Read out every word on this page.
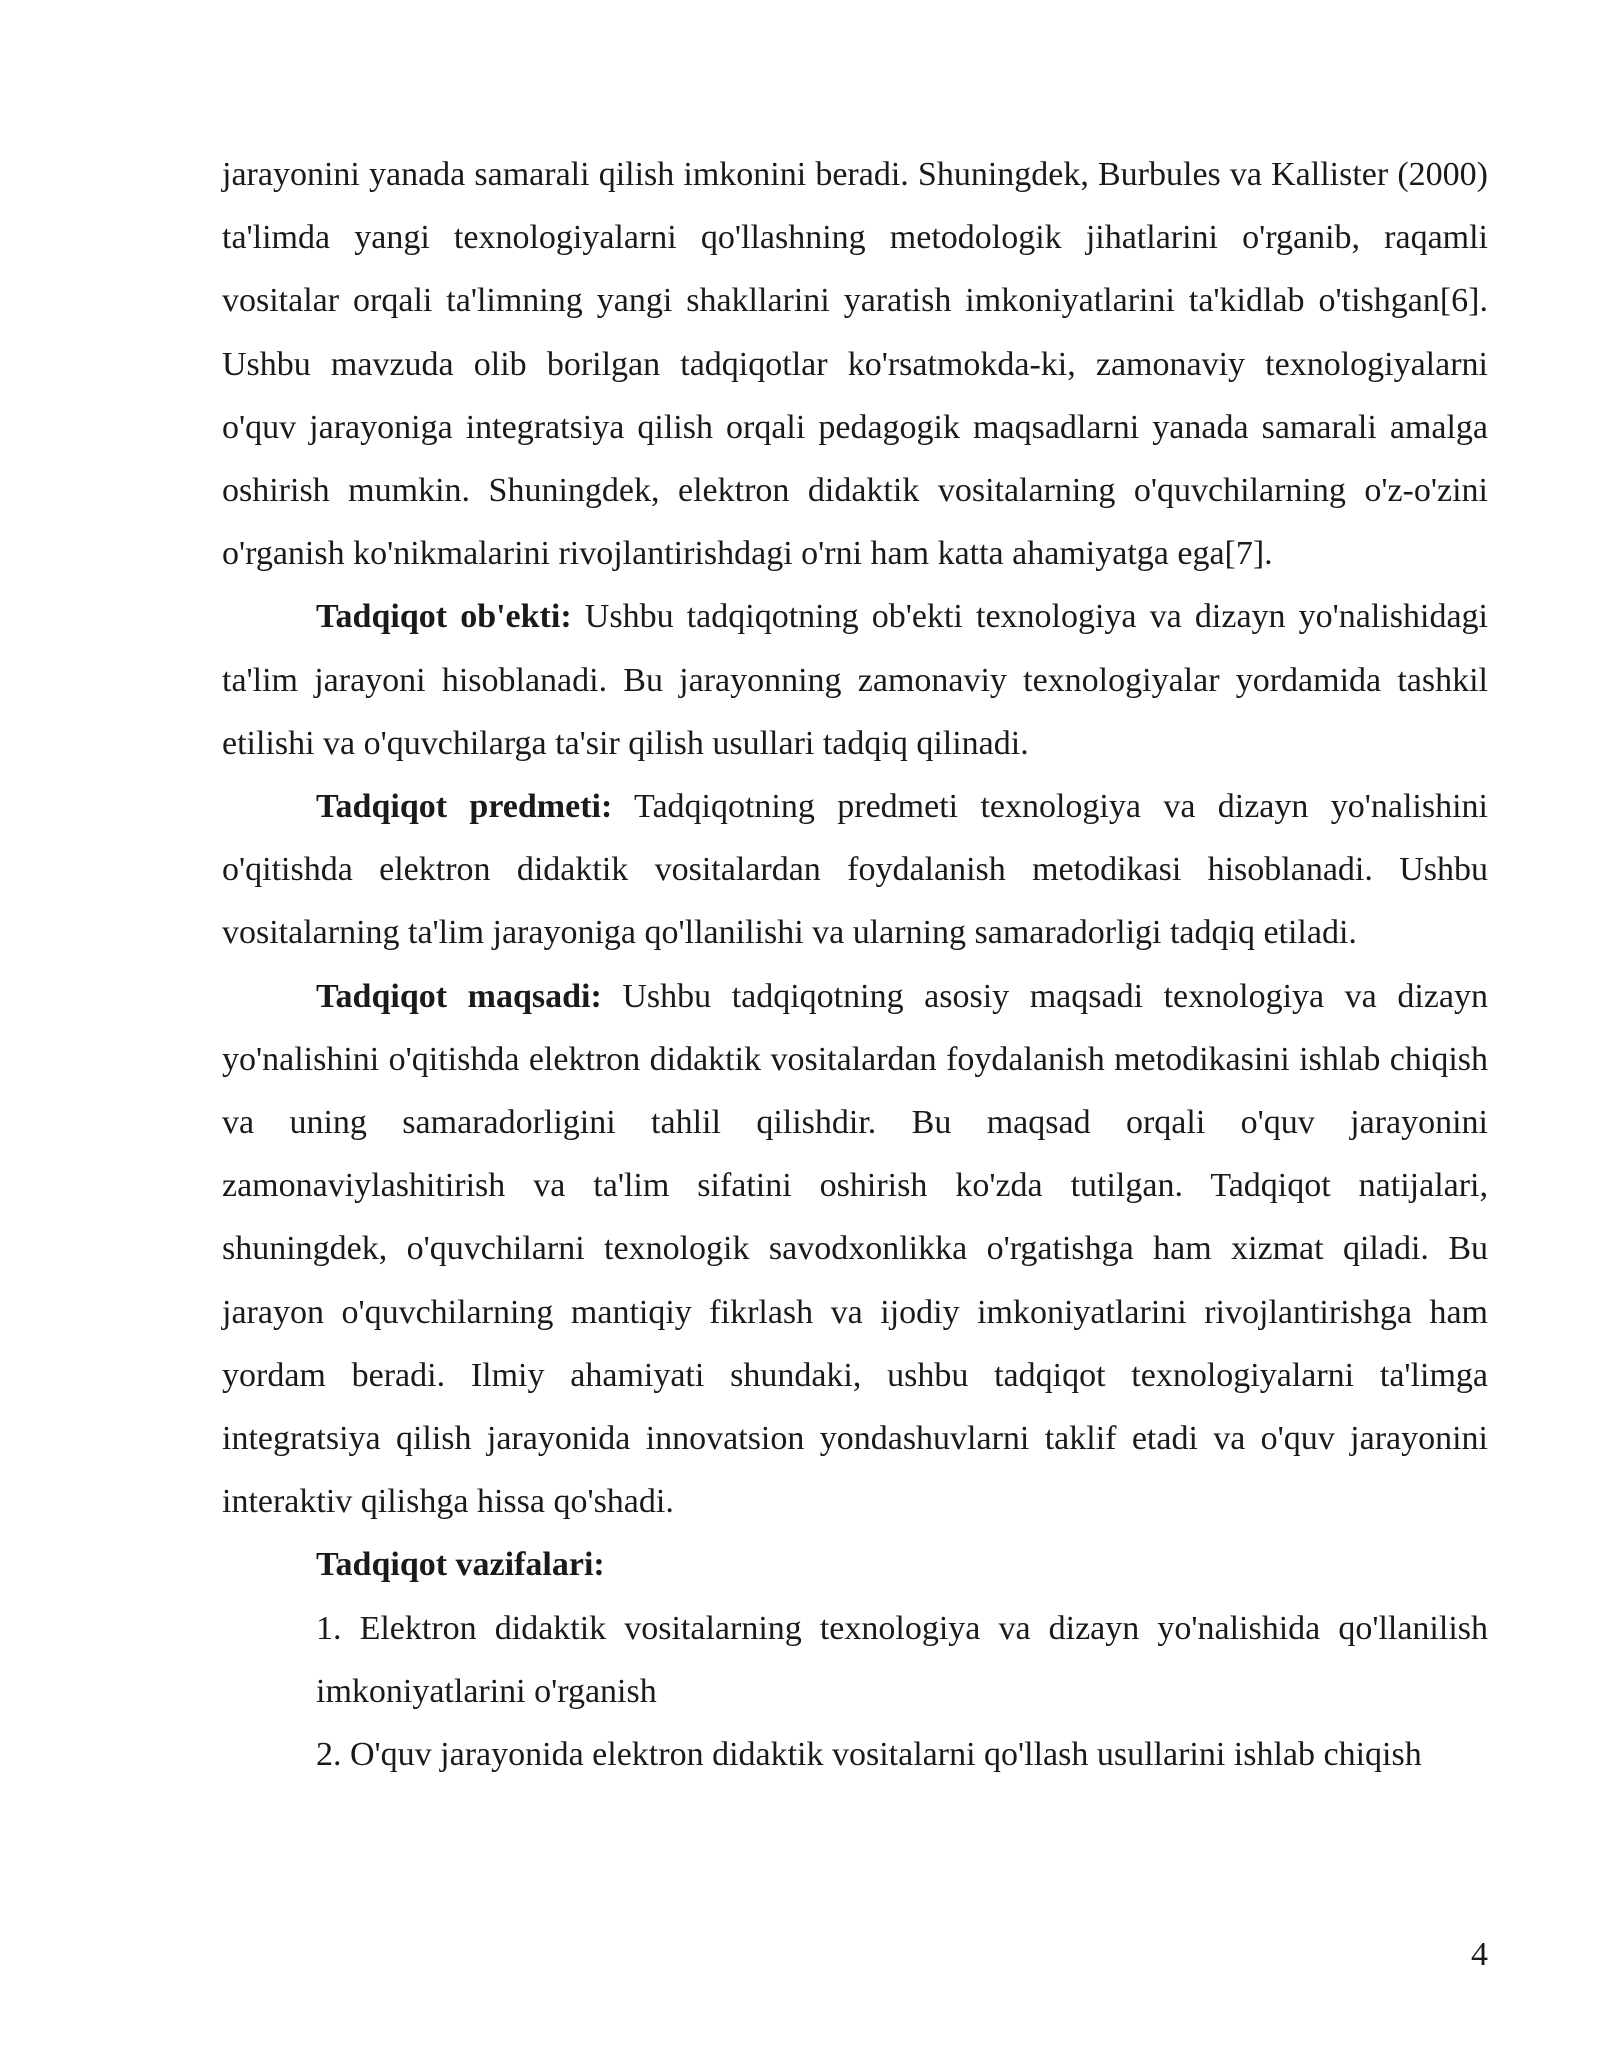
jarayonini yanada samarali qilish imkonini beradi. Shuningdek, Burbules va Kallister (2000) ta'limda yangi texnologiyalarni qo'llashning metodologik jihatlarini o'rganib, raqamli vositalar orqali ta'limning yangi shakllarini yaratish imkoniyatlarini ta'kidlab o'tishgan[6]. Ushbu mavzuda olib borilgan tadqiqotlar ko'rsatmokda-ki, zamonaviy texnologiyalarni o'quv jarayoniga integratsiya qilish orqali pedagogik maqsadlarni yanada samarali amalga oshirish mumkin. Shuningdek, elektron didaktik vositalarning o'quvchilarning o'z-o'zini o'rganish ko'nikmalarini rivojlantirishdagi o'rni ham katta ahamiyatga ega[7].

Tadqiqot ob'ekti: Ushbu tadqiqotning ob'ekti texnologiya va dizayn yo'nalishidagi ta'lim jarayoni hisoblanadi. Bu jarayonning zamonaviy texnologiyalar yordamida tashkil etilishi va o'quvchilarga ta'sir qilish usullari tadqiq qilinadi.

Tadqiqot predmeti: Tadqiqotning predmeti texnologiya va dizayn yo'nalishini o'qitishda elektron didaktik vositalardan foydalanish metodikasi hisoblanadi. Ushbu vositalarning ta'lim jarayoniga qo'llanilishi va ularning samaradorligi tadqiq etiladi.

Tadqiqot maqsadi: Ushbu tadqiqotning asosiy maqsadi texnologiya va dizayn yo'nalishini o'qitishda elektron didaktik vositalardan foydalanish metodikasini ishlab chiqish va uning samaradorligini tahlil qilishdir. Bu maqsad orqali o'quv jarayonini zamonaviylashitirish va ta'lim sifatini oshirish ko'zda tutilgan. Tadqiqot natijalari, shuningdek, o'quvchilarni texnologik savodxonlikka o'rgatishga ham xizmat qiladi. Bu jarayon o'quvchilarning mantiqiy fikrlash va ijodiy imkoniyatlarini rivojlantirishga ham yordam beradi. Ilmiy ahamiyati shundaki, ushbu tadqiqot texnologiyalarni ta'limga integratsiya qilish jarayonida innovatsion yondashuvlarni taklif etadi va o'quv jarayonini interaktiv qilishga hissa qo'shadi.

Tadqiqot vazifalari:

1. Elektron didaktik vositalarning texnologiya va dizayn yo'nalishida qo'llanilish imkoniyatlarini o'rganish

2. O'quv jarayonida elektron didaktik vositalarni qo'llash usullarini ishlab chiqish

4
